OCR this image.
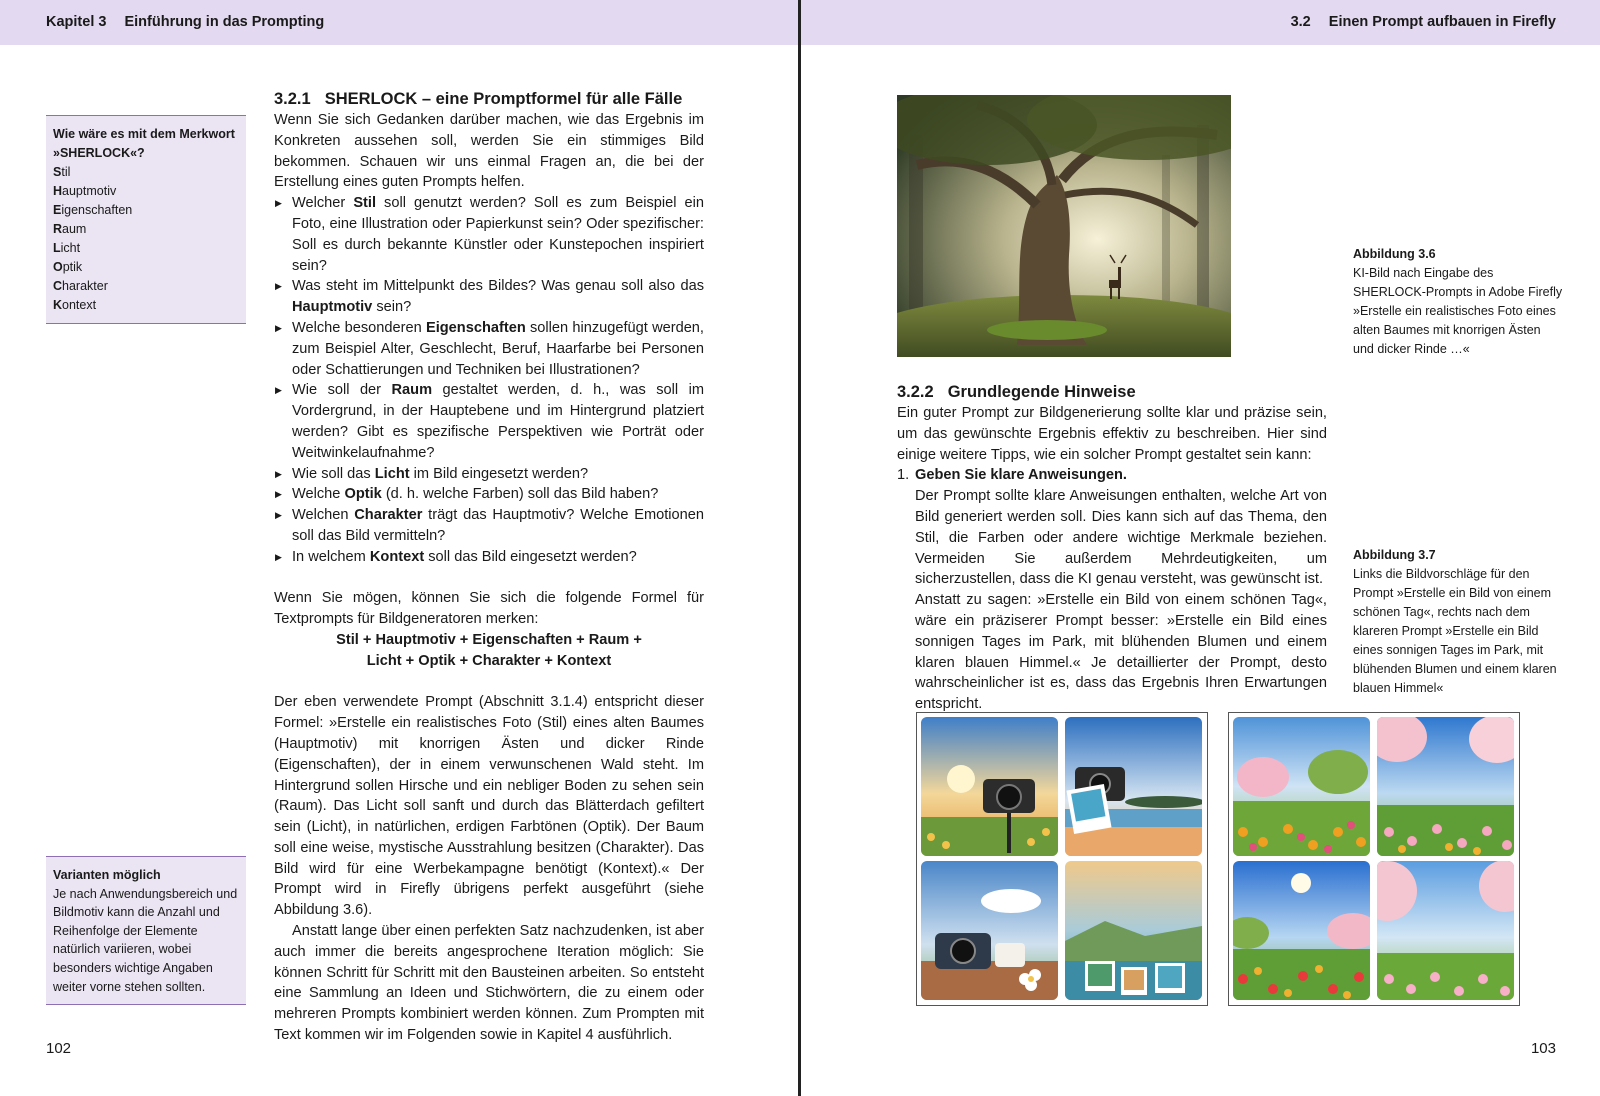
Kapitel 3 Einführung in das Prompting
Wie wäre es mit dem Merkwort »SHERLOCK«?
Stil
Hauptmotiv
Eigenschaften
Raum
Licht
Optik
Charakter
Kontext
Varianten möglich
Je nach Anwendungsbereich und Bildmotiv kann die Anzahl und Reihenfolge der Elemente natürlich variieren, wobei besonders wichtige Angaben weiter vorne stehen sollten.
3.2.1 SHERLOCK – eine Promptformel für alle Fälle

Wenn Sie sich Gedanken darüber machen, wie das Ergebnis im Konkreten aussehen soll, werden Sie ein stimmiges Bild bekommen. Schauen wir uns einmal Fragen an, die bei der Erstellung eines guten Prompts helfen.

▶ Welcher Stil soll genutzt werden? Soll es zum Beispiel ein Foto, eine Illustration oder Papierkunst sein? Oder spezifischer: Soll es durch bekannte Künstler oder Kunstepochen inspiriert sein?
▶ Was steht im Mittelpunkt des Bildes? Was genau soll also das Hauptmotiv sein?
▶ Welche besonderen Eigenschaften sollen hinzugefügt werden, zum Beispiel Alter, Geschlecht, Beruf, Haarfarbe bei Personen oder Schattierungen und Techniken bei Illustrationen?
▶ Wie soll der Raum gestaltet werden, d. h., was soll im Vordergrund, in der Hauptebene und im Hintergrund platziert werden? Gibt es spezifische Perspektiven wie Porträt oder Weitwinkelaufnahme?
▶ Wie soll das Licht im Bild eingesetzt werden?
▶ Welche Optik (d. h. welche Farben) soll das Bild haben?
▶ Welchen Charakter trägt das Hauptmotiv? Welche Emotionen soll das Bild vermitteln?
▶ In welchem Kontext soll das Bild eingesetzt werden?

Wenn Sie mögen, können Sie sich die folgende Formel für Textprompts für Bildgeneratoren merken:

Stil + Hauptmotiv + Eigenschaften + Raum +

Licht + Optik + Charakter + Kontext

Der eben verwendete Prompt (Abschnitt 3.1.4) entspricht dieser Formel: »Erstelle ein realistisches Foto (Stil) eines alten Baumes (Hauptmotiv) mit knorrigen Ästen und dicker Rinde (Eigenschaften), der in einem verwunschenen Wald steht. Im Hintergrund sollen Hirsche und ein nebliger Boden zu sehen sein (Raum). Das Licht soll sanft und durch das Blätterdach gefiltert sein (Licht), in natürlichen, erdigen Farbtönen (Optik). Der Baum soll eine weise, mystische Ausstrahlung besitzen (Charakter). Das Bild wird für eine Werbekampagne benötigt (Kontext).« Der Prompt wird in Firefly übrigens perfekt ausgeführt (siehe Abbildung 3.6).

Anstatt lange über einen perfekten Satz nachzudenken, ist aber auch immer die bereits angesprochene Iteration möglich: Sie können Schritt für Schritt mit den Bausteinen arbeiten. So entsteht eine Sammlung an Ideen und Stichwörtern, die zu einem oder mehreren Prompts kombiniert werden können. Zum Prompten mit Text kommen wir im Folgenden sowie in Kapitel 4 ausführlich.

102
3.2 Einen Prompt aufbauen in Firefly
Abbildung 3.6
KI-Bild nach Eingabe des SHERLOCK-Prompts in Adobe Firefly »Erstelle ein realistisches Foto eines alten Baumes mit knorrigen Ästen und dicker Rinde …«
3.2.2 Grundlegende Hinweise

Ein guter Prompt zur Bildgenerierung sollte klar und präzise sein, um das gewünschte Ergebnis effektiv zu beschreiben. Hier sind einige weitere Tipps, wie ein solcher Prompt gestaltet sein kann:

1. Geben Sie klare Anweisungen.

Der Prompt sollte klare Anweisungen enthalten, welche Art von Bild generiert werden soll. Dies kann sich auf das Thema, den Stil, die Farben oder andere wichtige Merkmale beziehen. Vermeiden Sie außerdem Mehrdeutigkeiten, um sicherzustellen, dass die KI genau versteht, was gewünscht ist.

Anstatt zu sagen: »Erstelle ein Bild von einem schönen Tag«, wäre ein präziserer Prompt besser: »Erstelle ein Bild eines sonnigen Tages im Park, mit blühenden Blumen und einem klaren blauen Himmel.« Je detaillierter der Prompt, desto wahrscheinlicher ist es, dass das Ergebnis Ihren Erwartungen entspricht.

Abbildung 3.7
Links die Bildvorschläge für den Prompt »Erstelle ein Bild von einem schönen Tag«, rechts nach dem klareren Prompt »Erstelle ein Bild eines sonnigen Tages im Park, mit blühenden Blumen und einem klaren blauen Himmel«
103
